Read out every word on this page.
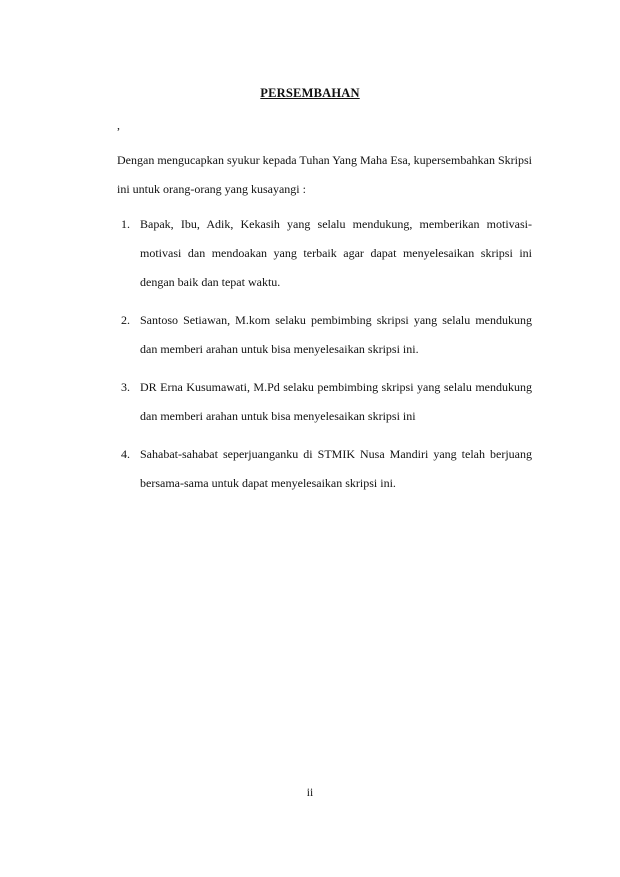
PERSEMBAHAN
,
Dengan mengucapkan syukur kepada Tuhan Yang Maha Esa, kupersembahkan Skripsi ini untuk orang-orang yang kusayangi :
1. Bapak, Ibu, Adik, Kekasih yang selalu mendukung, memberikan motivasi-motivasi dan mendoakan yang terbaik agar dapat menyelesaikan skripsi ini dengan baik dan tepat waktu.
2. Santoso Setiawan, M.kom selaku pembimbing skripsi yang selalu mendukung dan memberi arahan untuk bisa menyelesaikan skripsi ini.
3. DR Erna Kusumawati, M.Pd selaku pembimbing skripsi yang selalu mendukung dan memberi arahan untuk bisa menyelesaikan skripsi ini
4. Sahabat-sahabat seperjuanganku di STMIK Nusa Mandiri yang telah berjuang bersama-sama untuk dapat menyelesaikan skripsi ini.
ii
